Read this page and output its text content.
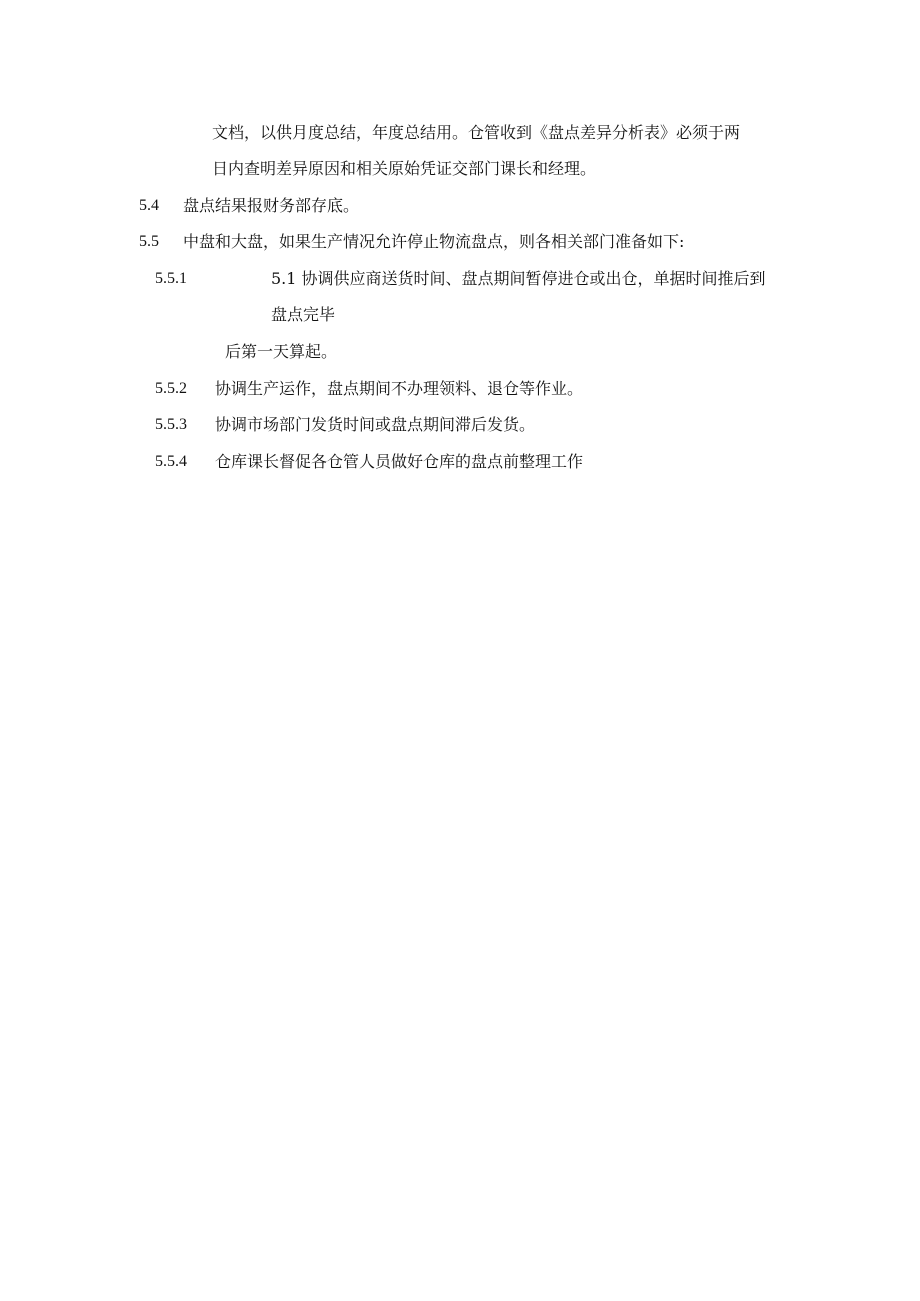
文档，以供月度总结，年度总结用。仓管收到《盘点差异分析表》必须于两
日内查明差异原因和相关原始凭证交部门课长和经理。
5.4 盘点结果报财务部存底。
5.5 中盘和大盘，如果生产情况允许停止物流盘点，则各相关部门准备如下:
5.5.1	5.1 协调供应商送货时间、盘点期间暂停进仓或出仓，单据时间推后到
盘点完毕
后第一天算起。
5.5.2 协调生产运作，盘点期间不办理领料、退仓等作业。
5.5.3 协调市场部门发货时间或盘点期间滞后发货。
5.5.4 仓库课长督促各仓管人员做好仓库的盘点前整理工作
